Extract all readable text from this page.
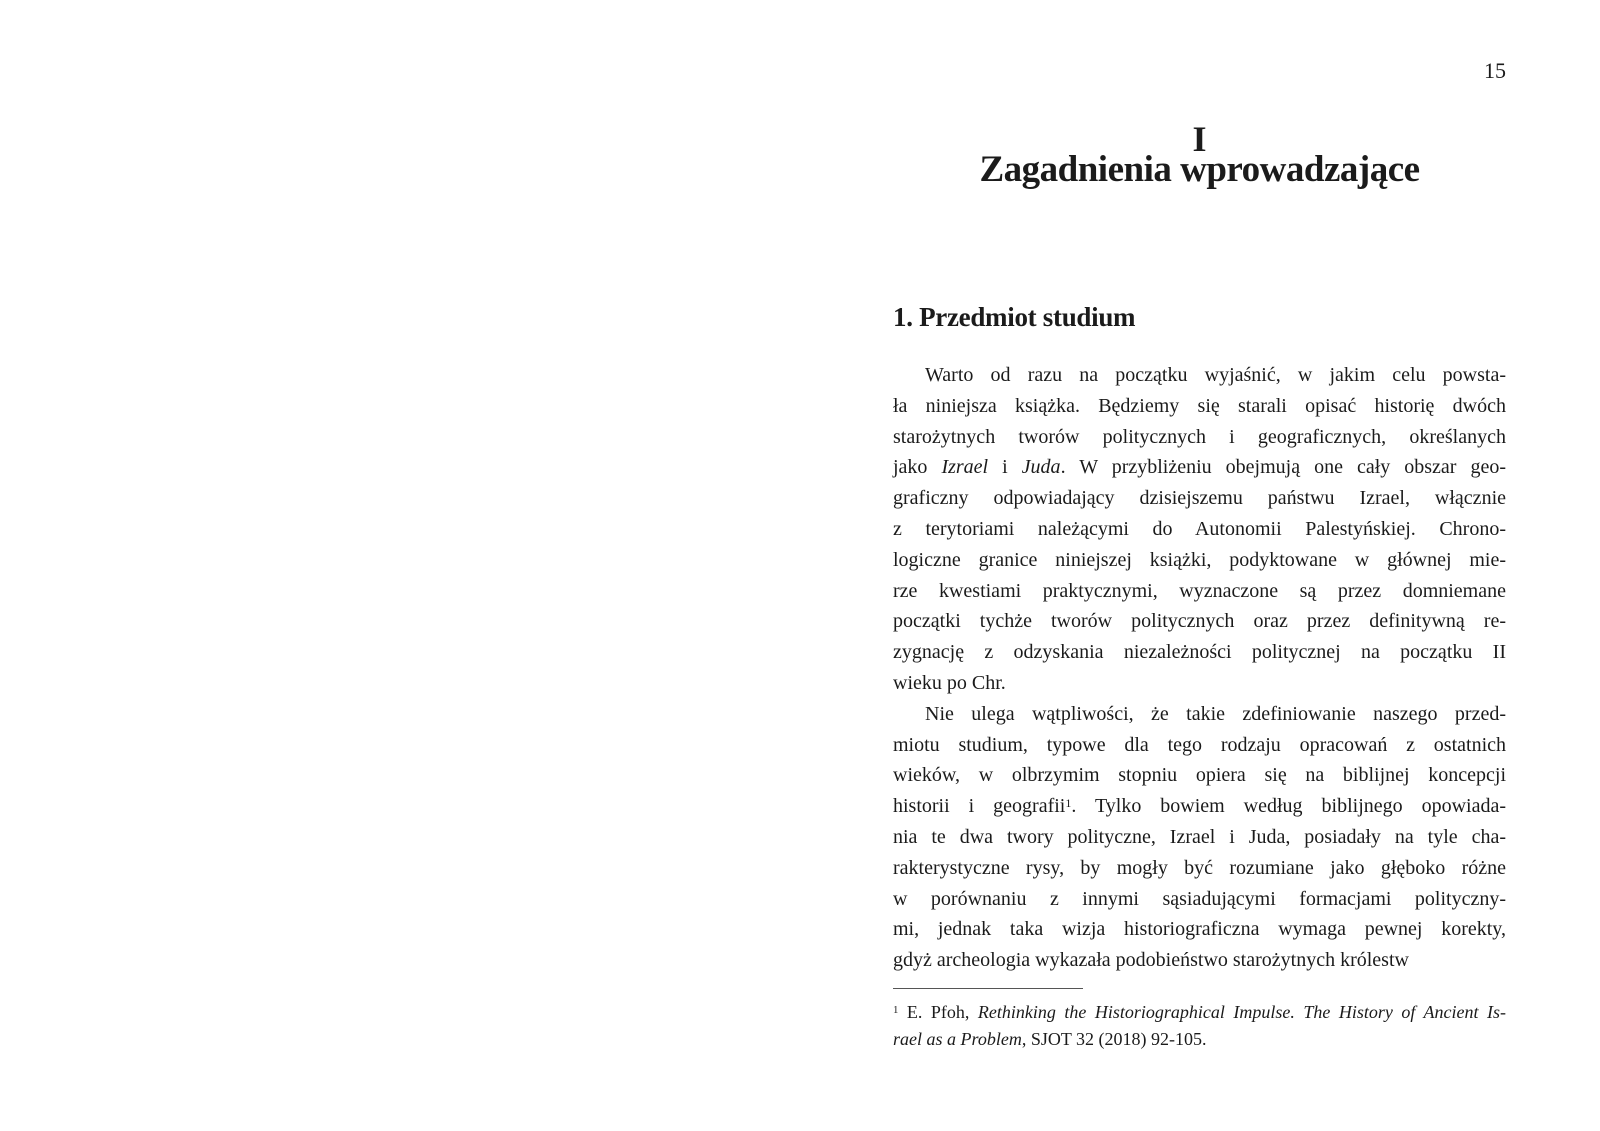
15
I
Zagadnienia wprowadzające
1. Przedmiot studium
Warto od razu na początku wyjaśnić, w jakim celu powsta-
ła niniejsza książka. Będziemy się starali opisać historię dwóch
starożytnych tworów politycznych i geograficznych, określanych
jako Izrael i Juda. W przybliżeniu obejmują one cały obszar geo-
graficzny odpowiadający dzisiejszemu państwu Izrael, włącznie
z terytoriami należącymi do Autonomii Palestyńskiej. Chrono-
logiczne granice niniejszej książki, podyktowane w głównej mie-
rze kwestiami praktycznymi, wyznaczone są przez domniemane
początki tychże tworów politycznych oraz przez definitywną re-
zygnację z odzyskania niezależności politycznej na początku II
wieku po Chr.
Nie ulega wątpliwości, że takie zdefiniowanie naszego przed-
miotu studium, typowe dla tego rodzaju opracowań z ostatnich
wieków, w olbrzymim stopniu opiera się na biblijnej koncepcji
historii i geografii$^1$. Tylko bowiem według biblijnego opowiada-
nia te dwa twory polityczne, Izrael i Juda, posiadały na tyle cha-
rakterystyczne rysy, by mogły być rozumiane jako głęboko różne
w porównaniu z innymi sąsiadującymi formacjami polityczny-
mi, jednak taka wizja historiograficzna wymaga pewnej korekty,
gdyż archeologia wykazała podobieństwo starożytnych królestw
$^1$ E. Pfoh, Rethinking the Historiographical Impulse. The History of Ancient Is-
rael as a Problem, SJOT 32 (2018) 92-105.
